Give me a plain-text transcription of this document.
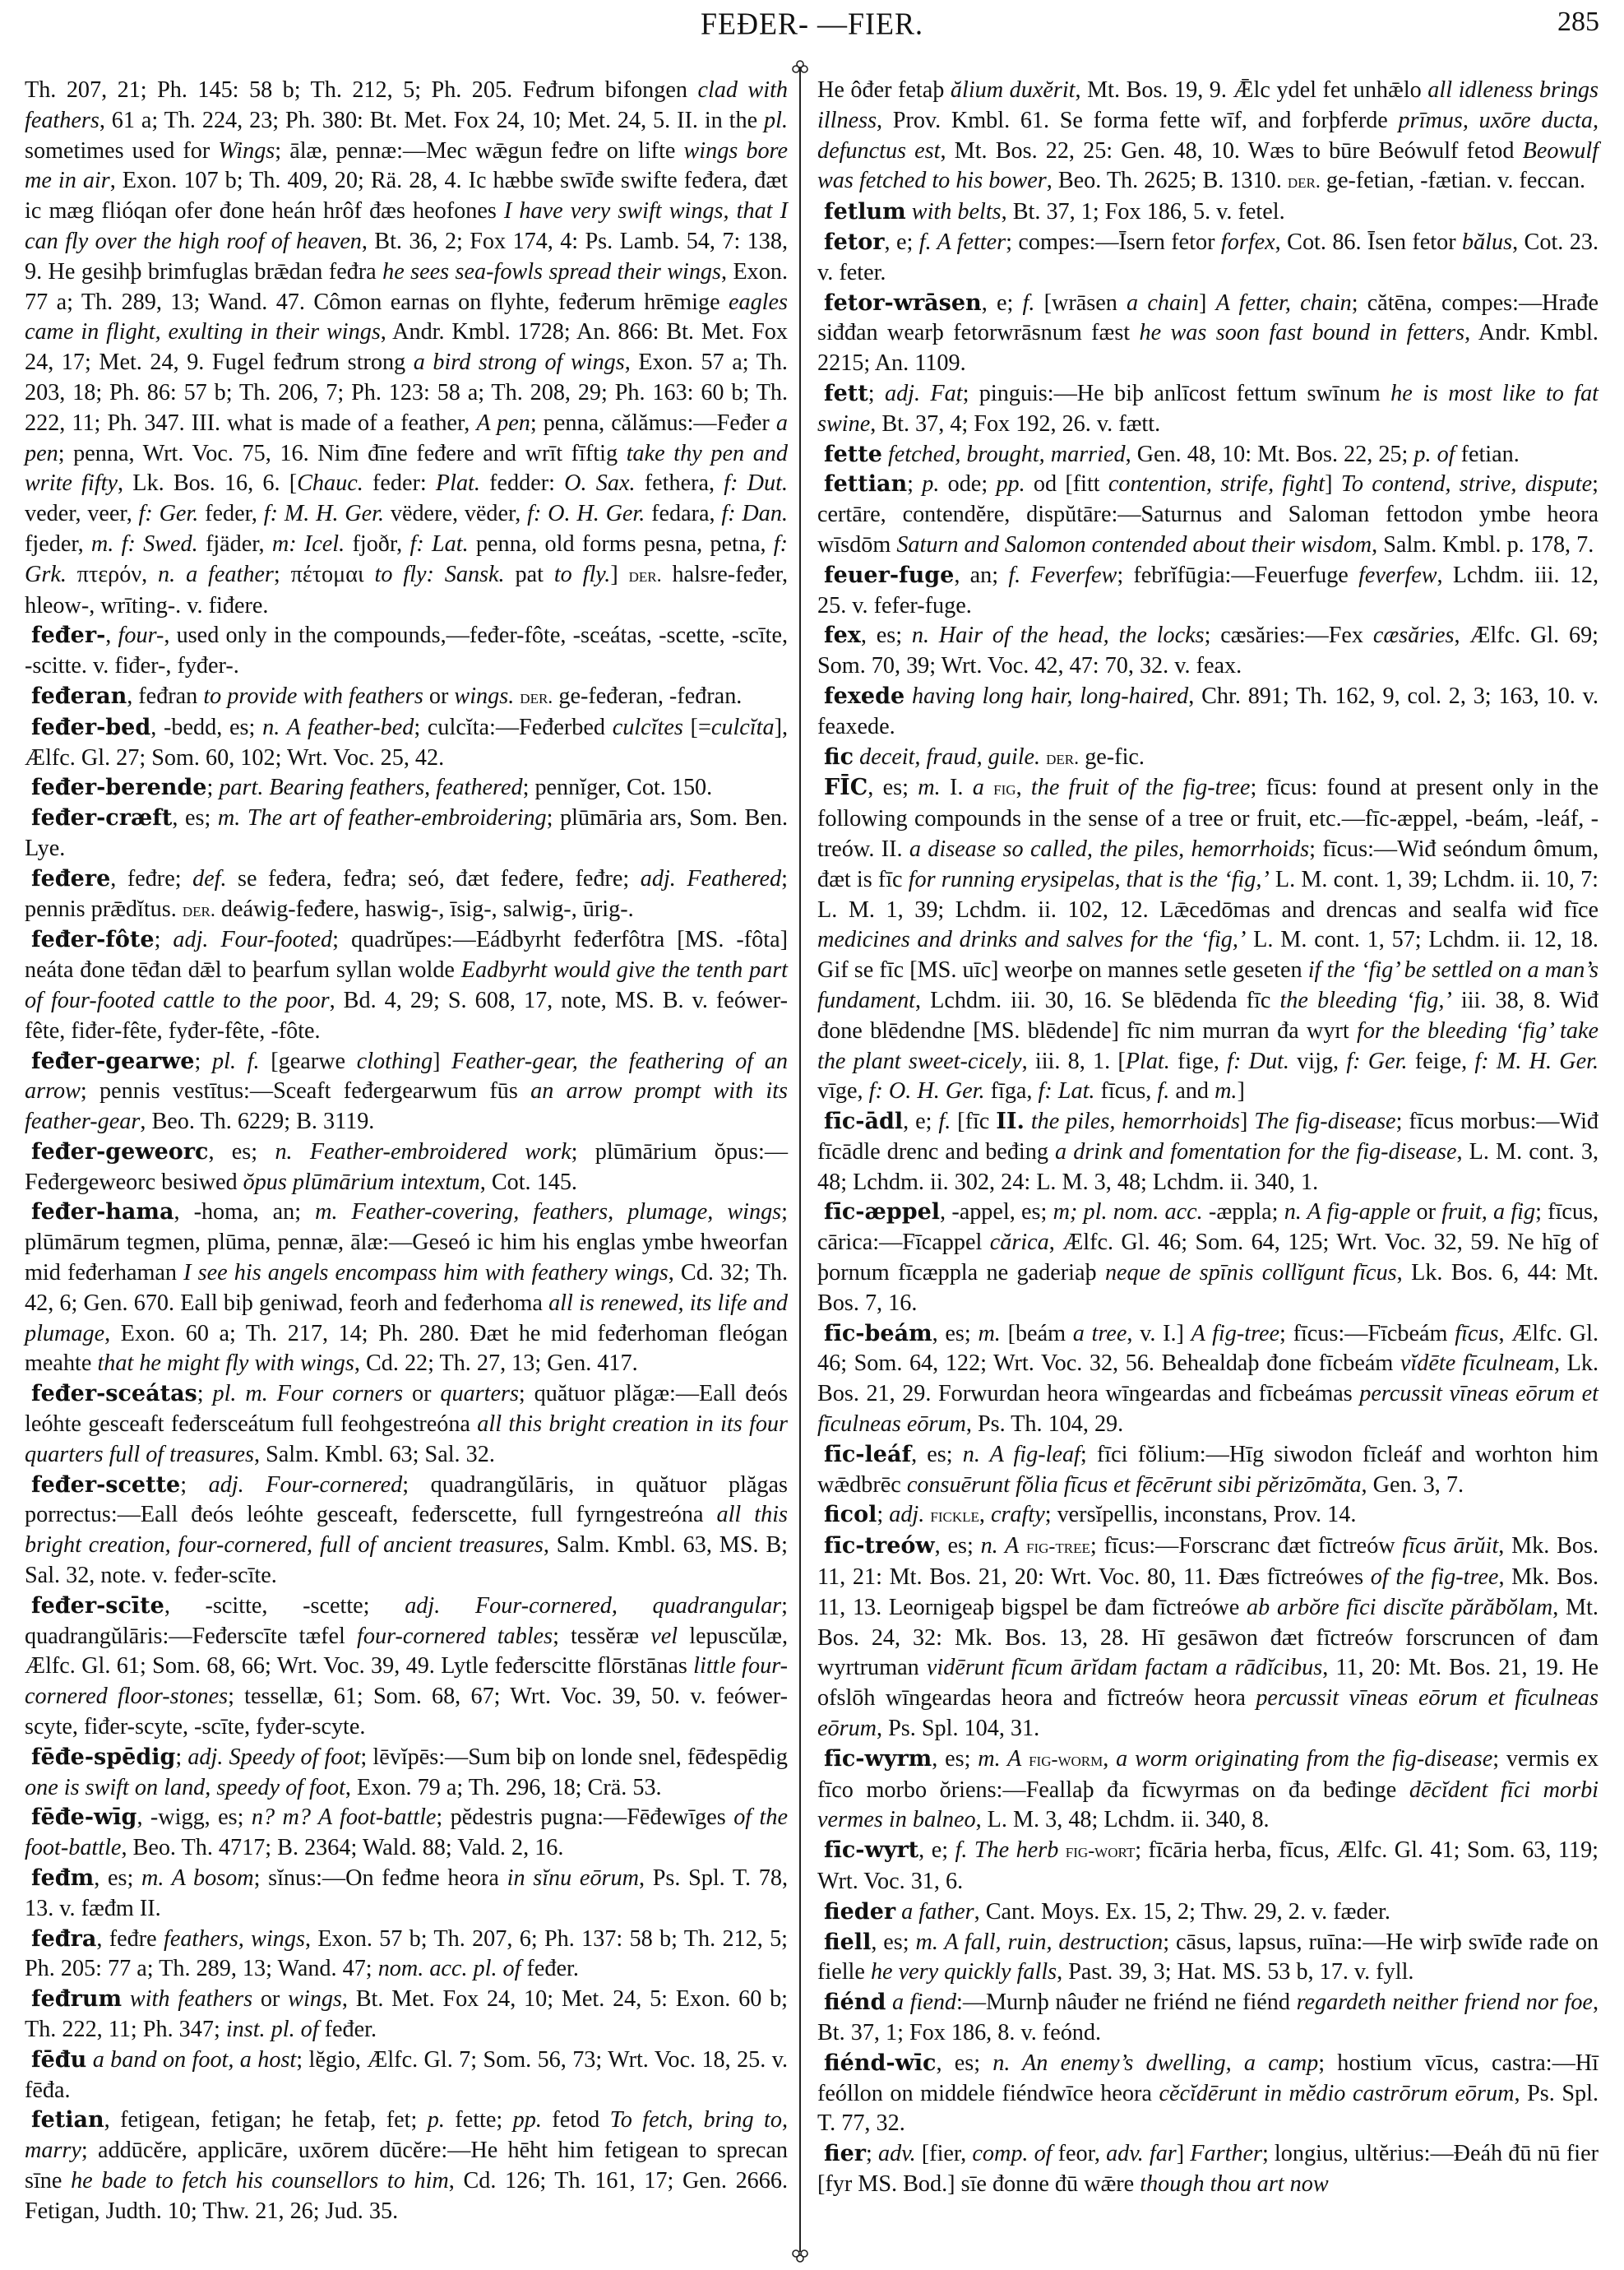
FEÐER- —FIER.	285

Th. 207, 21; Ph. 145: 58 b; Th. 212, 5; Ph. 205. Feđrum bifongen clad with feathers, 61 a; Th. 224, 23; Ph. 380: Bt. Met. Fox 24, 10; Met. 24, 5. II. in the pl. sometimes used for Wings; ālæ, pennæ:—Mec wǣgun feđre on lifte wings bore me in air, Exon. 107 b; Th. 409, 20; Rä. 28, 4. Ic hæbbe swīđe swifte feđera, đæt ic mæg flióqan ofer đone heán hrôf đæs heofones I have very swift wings, that I can fly over the high roof of heaven, Bt. 36, 2; Fox 174, 4: Ps. Lamb. 54, 7: 138, 9. He gesihþ brimfuglas brǣdan feđra he sees sea-fowls spread their wings, Exon. 77 a; Th. 289, 13; Wand. 47. Cômon earnas on flyhte, feđerum hrēmige eagles came in flight, exulting in their wings, Andr. Kmbl. 1728; An. 866: Bt. Met. Fox 24, 17; Met. 24, 9. Fugel feđrum strong a bird strong of wings, Exon. 57 a; Th. 203, 18; Ph. 86: 57 b; Th. 206, 7; Ph. 123: 58 a; Th. 208, 29; Ph. 163: 60 b; Th. 222, 11; Ph. 347. III. what is made of a feather, A pen; penna, călămus:—Feđer a pen; penna, Wrt. Voc. 75, 16. Nim đīne feđere and wrīt fīftig take thy pen and write fifty, Lk. Bos. 16, 6. [Chauc. feder: Plat. fedder: O. Sax. fethera, f: Dut. veder, veer, f: Ger. feder, f: M. H. Ger. vëdere, vëder, f: O. H. Ger. fedara, f: Dan. fjeder, m. f: Swed. fjäder, m: Icel. fjoðr, f: Lat. penna, old forms pesna, petna, f: Grk. πτερόν, n. a feather; πέτομαι to fly: Sansk. pat to fly.] der. halsre-feđer, hleow-, wrīting-. v. fiđere.

feđer-, four-, used only in the compounds,—feđer-fôte, -sceátas, -scette, -scīte, -scitte. v. fiđer-, fyđer-.

feđeran, feđran to provide with feathers or wings. der. ge-feđeran, -feđran.

feđer-bed, -bedd, es; n. A feather-bed; culcĭta:—Feđerbed culcĭtes [=culcĭta], Ælfc. Gl. 27; Som. 60, 102; Wrt. Voc. 25, 42.

feđer-berende; part. Bearing feathers, feathered; pennĭger, Cot. 150.

feđer-cræft, es; m. The art of feather-embroidering; plūmāria ars, Som. Ben. Lye.

feđere, feđre; def. se feđera, feđra; seó, đæt feđere, feđre; adj. Feathered; pennis prǣdĭtus. der. deáwig-feđere, haswig-, īsig-, salwig-, ūrig-.

feđer-fôte; adj. Four-footed; quadrŭpes:—Eádbyrht feđerfôtra [MS. -fôta] neáta đone tēđan dǣl to þearfum syllan wolde Eadbyrht would give the tenth part of four-footed cattle to the poor, Bd. 4, 29; S. 608, 17, note, MS. B. v. feówer-fête, fiđer-fête, fyđer-fête, -fôte.

feđer-gearwe; pl. f. [gearwe clothing] Feather-gear, the feathering of an arrow; pennis vestītus:—Sceaft feđergearwum fūs an arrow prompt with its feather-gear, Beo. Th. 6229; B. 3119.

feđer-geweorc, es; n. Feather-embroidered work; plūmārium ŏpus:—Feđergeweorc besiwed ŏpus plūmārium intextum, Cot. 145.

feđer-hama, -homa, an; m. Feather-covering, feathers, plumage, wings; plūmārum tegmen, plūma, pennæ, ālæ:—Geseó ic him his englas ymbe hweorfan mid feđerhaman I see his angels encompass him with feathery wings, Cd. 32; Th. 42, 6; Gen. 670. Eall biþ geniwad, feorh and feđerhoma all is renewed, its life and plumage, Exon. 60 a; Th. 217, 14; Ph. 280. Đæt he mid feđerhoman fleógan meahte that he might fly with wings, Cd. 22; Th. 27, 13; Gen. 417.

feđer-sceátas; pl. m. Four corners or quarters; quătuor plăgæ:—Eall đeós leóhte gesceaft feđersceátum full feohgestreóna all this bright creation in its four quarters full of treasures, Salm. Kmbl. 63; Sal. 32.

feđer-scette; adj. Four-cornered; quadrangŭlāris, in quătuor plăgas porrectus:—Eall đeós leóhte gesceaft, feđerscette, full fyrngestreóna all this bright creation, four-cornered, full of ancient treasures, Salm. Kmbl. 63, MS. B; Sal. 32, note. v. feđer-scīte.

feđer-scīte, -scitte, -scette; adj. Four-cornered, quadrangular; quadrangŭlāris:—Feđerscīte tæfel four-cornered tables; tessĕræ vel lepuscŭlæ, Ælfc. Gl. 61; Som. 68, 66; Wrt. Voc. 39, 49. Lytle feđerscitte flōrstānas little four-cornered floor-stones; tessellæ, 61; Som. 68, 67; Wrt. Voc. 39, 50. v. feówer-scyte, fiđer-scyte, -scīte, fyđer-scyte.

fēđe-spēdig; adj. Speedy of foot; lēvĭpēs:—Sum biþ on londe snel, fēđespēdig one is swift on land, speedy of foot, Exon. 79 a; Th. 296, 18; Crä. 53.

fēđe-wīg, -wigg, es; n? m? A foot-battle; pĕdestris pugna:—Fēđewīges of the foot-battle, Beo. Th. 4717; B. 2364; Wald. 88; Vald. 2, 16.

feđm, es; m. A bosom; sĭnus:—On feđme heora in sĭnu eōrum, Ps. Spl. T. 78, 13. v. fæđm II.

feđra, feđre feathers, wings, Exon. 57 b; Th. 207, 6; Ph. 137: 58 b; Th. 212, 5; Ph. 205: 77 a; Th. 289, 13; Wand. 47; nom. acc. pl. of feđer.

feđrum with feathers or wings, Bt. Met. Fox 24, 10; Met. 24, 5: Exon. 60 b; Th. 222, 11; Ph. 347; inst. pl. of feđer.

fēđu a band on foot, a host; lĕgio, Ælfc. Gl. 7; Som. 56, 73; Wrt. Voc. 18, 25. v. fēđa.

fetian, fetigean, fetigan; he fetaþ, fet; p. fette; pp. fetod To fetch, bring to, marry; addūcĕre, applicāre, uxōrem dūcĕre:—He hēht him fetigean to sprecan sīne he bade to fetch his counsellors to him, Cd. 126; Th. 161, 17; Gen. 2666. Fetigan, Judth. 10; Thw. 21, 26; Jud. 35.

He ôđer fetaþ ălium duxĕrit, Mt. Bos. 19, 9. Ǣlc ydel fet unhǣlo all idleness brings illness, Prov. Kmbl. 61. Se forma fette wīf, and forþferde prīmus, uxōre ducta, defunctus est, Mt. Bos. 22, 25: Gen. 48, 10. Wæs to būre Beówulf fetod Beowulf was fetched to his bower, Beo. Th. 2625; B. 1310. der. ge-fetian, -fætian. v. feccan.

fetlum with belts, Bt. 37, 1; Fox 186, 5. v. fetel.

fetor, e; f. A fetter; compes:—Īsern fetor forfex, Cot. 86. Īsen fetor bălus, Cot. 23. v. feter.

fetor-wrāsen, e; f. [wrāsen a chain] A fetter, chain; cătēna, compes:—Hrađe siđđan wearþ fetorwrāsnum fæst he was soon fast bound in fetters, Andr. Kmbl. 2215; An. 1109.

fett; adj. Fat; pinguis:—He biþ anlīcost fettum swīnum he is most like to fat swine, Bt. 37, 4; Fox 192, 26. v. fætt.

fette fetched, brought, married, Gen. 48, 10: Mt. Bos. 22, 25; p. of fetian.

fettian; p. ode; pp. od [fitt contention, strife, fight] To contend, strive, dispute; certāre, contendĕre, dispŭtāre:—Saturnus and Saloman fettodon ymbe heora wīsdōm Saturn and Salomon contended about their wisdom, Salm. Kmbl. p. 178, 7.

feuer-fuge, an; f. Feverfew; febrĭfūgia:—Feuerfuge feverfew, Lchdm. iii. 12, 25. v. fefer-fuge.

fex, es; n. Hair of the head, the locks; cæsăries:—Fex cæsăries, Ælfc. Gl. 69; Som. 70, 39; Wrt. Voc. 42, 47: 70, 32. v. feax.

fexede having long hair, long-haired, Chr. 891; Th. 162, 9, col. 2, 3; 163, 10. v. feaxede.

fic deceit, fraud, guile. der. ge-fic.

FĪC, es; m. I. a fig, the fruit of the fig-tree; fīcus: found at present only in the following compounds in the sense of a tree or fruit, etc.—fīc-æppel, -beám, -leáf, -treów. II. a disease so called, the piles, hemorrhoids; fīcus:—Wiđ seóndum ômum, đæt is fīc for running erysipelas, that is the ‘fig,’ L. M. cont. 1, 39; Lchdm. ii. 10, 7: L. M. 1, 39; Lchdm. ii. 102, 12. Lǣcedōmas and drencas and sealfa wiđ fīce medicines and drinks and salves for the ‘fig,’ L. M. cont. 1, 57; Lchdm. ii. 12, 18. Gif se fīc [MS. uīc] weorþe on mannes setle geseten if the ‘fig’ be settled on a man’s fundament, Lchdm. iii. 30, 16. Se blēdenda fīc the bleeding ‘fig,’ iii. 38, 8. Wiđ đone blēdendne [MS. blēdende] fīc nim murran đa wyrt for the bleeding ‘fig’ take the plant sweet-cicely, iii. 8, 1. [Plat. fige, f: Dut. vijg, f: Ger. feige, f: M. H. Ger. vīge, f: O. H. Ger. fīga, f: Lat. fīcus, f. and m.]

fīc-ādl, e; f. [fīc II. the piles, hemorrhoids] The fig-disease; fīcus morbus:—Wiđ fīcādle drenc and beđing a drink and fomentation for the fig-disease, L. M. cont. 3, 48; Lchdm. ii. 302, 24: L. M. 3, 48; Lchdm. ii. 340, 1.

fīc-æppel, -appel, es; m; pl. nom. acc. -æppla; n. A fig-apple or fruit, a fig; fīcus, cārica:—Fīcappel cărica, Ælfc. Gl. 46; Som. 64, 125; Wrt. Voc. 32, 59. Ne hīg of þornum fīcæppla ne gaderiaþ neque de spīnis collĭgunt fīcus, Lk. Bos. 6, 44: Mt. Bos. 7, 16.

fīc-beám, es; m. [beám a tree, v. I.] A fig-tree; fīcus:—Fīcbeám fīcus, Ælfc. Gl. 46; Som. 64, 122; Wrt. Voc. 32, 56. Behealdaþ đone fīcbeám vĭdēte fīculneam, Lk. Bos. 21, 29. Forwurdan heora wīngeardas and fīcbeámas percussit vīneas eōrum et fīculneas eōrum, Ps. Th. 104, 29.

fīc-leáf, es; n. A fig-leaf; fīci fŏlium:—Hīg siwodon fīcleáf and worhton him wǣdbrēc consuērunt fŏlia fīcus et fēcērunt sibi pĕrizōmăta, Gen. 3, 7.

ficol; adj. fickle, crafty; versĭpellis, inconstans, Prov. 14.

fīc-treów, es; n. A fig-tree; fīcus:—Forscranc đæt fīctreów fīcus ārŭit, Mk. Bos. 11, 21: Mt. Bos. 21, 20: Wrt. Voc. 80, 11. Đæs fīctreówes of the fig-tree, Mk. Bos. 11, 13. Leornigeaþ bigspel be đam fīctreówe ab arbŏre fīci discĭte părăbŏlam, Mt. Bos. 24, 32: Mk. Bos. 13, 28. Hī gesāwon đæt fīctreów forscruncen of đam wyrtruman vidērunt fīcum ārĭdam factam a rādĭcibus, 11, 20: Mt. Bos. 21, 19. He ofslōh wīngeardas heora and fīctreów heora percussit vīneas eōrum et fīculneas eōrum, Ps. Spl. 104, 31.

fīc-wyrm, es; m. A fig-worm, a worm originating from the fig-disease; vermis ex fīco morbo ŏriens:—Feallaþ đa fīcwyrmas on đa beđinge dēcĭdent fīci morbi vermes in balneo, L. M. 3, 48; Lchdm. ii. 340, 8.

fīc-wyrt, e; f. The herb fig-wort; fīcāria herba, fīcus, Ælfc. Gl. 41; Som. 63, 119; Wrt. Voc. 31, 6.

fieder a father, Cant. Moys. Ex. 15, 2; Thw. 29, 2. v. fæder.

fiell, es; m. A fall, ruin, destruction; cāsus, lapsus, ruīna:—He wirþ swīđe rađe on fielle he very quickly falls, Past. 39, 3; Hat. MS. 53 b, 17. v. fyll.

fiénd a fiend:—Murnþ nâuđer ne friénd ne fiénd regardeth neither friend nor foe, Bt. 37, 1; Fox 186, 8. v. feónd.

fiénd-wīc, es; n. An enemy’s dwelling, a camp; hostium vīcus, castra:—Hī feóllon on middele fiéndwīce heora cĕcĭdērunt in mĕdio castrōrum eōrum, Ps. Spl. T. 77, 32.

fier; adv. [fier, comp. of feor, adv. far] Farther; longius, ultĕrius:—Đeáh đū nū fier [fyr MS. Bod.] sīe đonne đū wǣre though thou art now
